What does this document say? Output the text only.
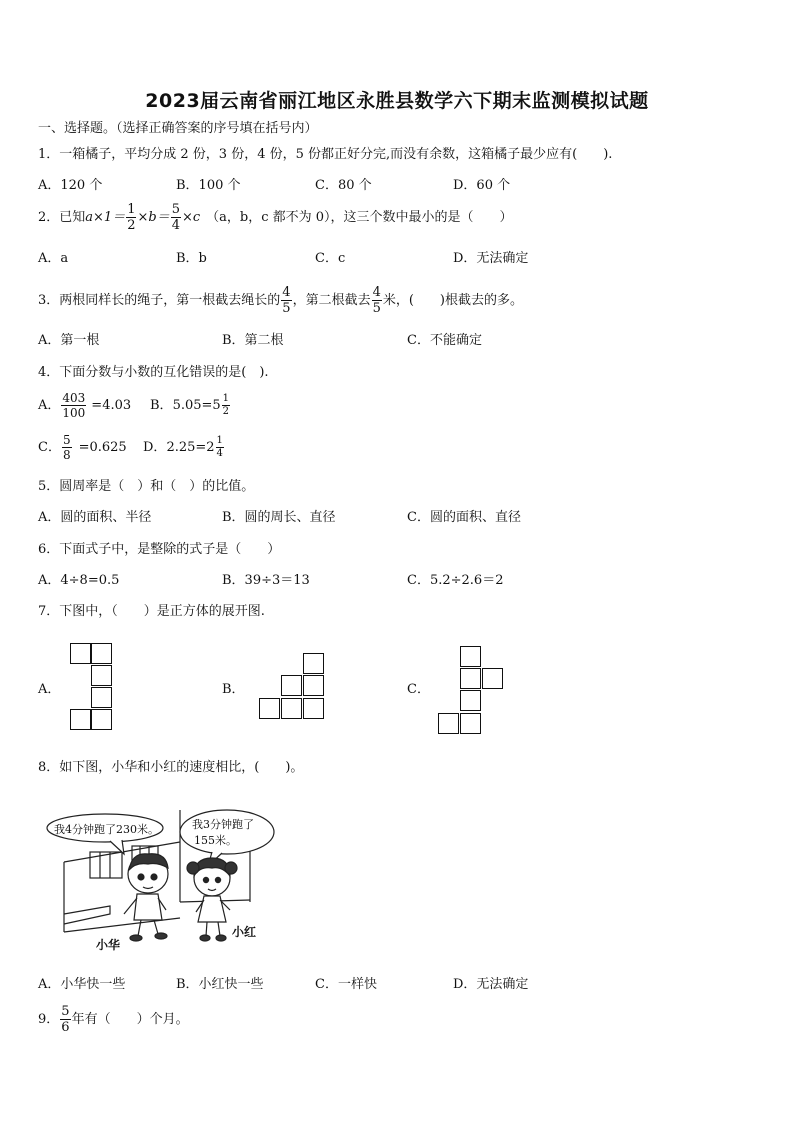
2023届云南省丽江地区永胜县数学六下期末监测模拟试题
一、选择题。（选择正确答案的序号填在括号内）
1．一箱橘子，平均分成 2 份，3 份，4 份，5 份都正好分完,而没有余数，这箱橘子最少应有(　　).
A．120 个	B．100 个	C．80 个	D．60 个
2．已知$a\times 1= \frac{1}{2} \times b= \frac{5}{4} \times c$ （a，b，c 都不为 0），这三个数中最小的是（　　）
A．a	B．b	C．c	D．无法确定
3．两根同样长的绳子，第一根截去绳长的 $\frac{4}{5}$ ，第二根截去 $\frac{4}{5}$ 米，(　　)根截去的多。
A．第一根	B．第二根	C．不能确定
4．下面分数与小数的互化错误的是(　).
A． $\frac{403}{100} =4.03$ B．$5.05=5 \frac{1}{2}$
C． $\frac{5}{8} =0.625$ D．$2.25=2 \frac{1}{4}$
5．圆周率是（　）和（　）的比值。
A．圆的面积、半径	B．圆的周长、直径	C．圆的面积、直径
6．下面式子中，是整除的式子是（　　）
A．4÷8=0.5	B．39÷3＝13	C．5.2÷2.6＝2
7．下图中，（　　）是正方体的展开图.
A．	B．	C．
8．如下图，小华和小红的速度相比，(　　)。
我4分钟跑了230米。	我3分钟跑了
155米。
小华
小红
A．小华快一些	B．小红快一些	C．一样快	D．无法确定
9． $\frac{5}{6}$ 年有（　　）个月。
